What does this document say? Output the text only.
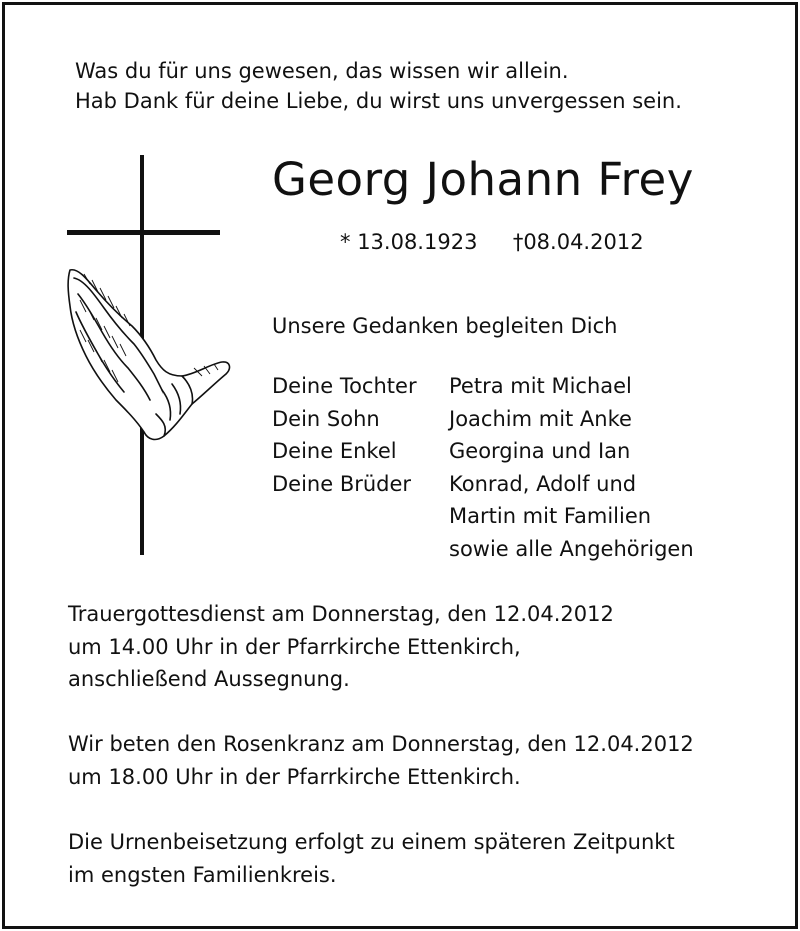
Was du für uns gewesen, das wissen wir allein.
Hab Dank für deine Liebe, du wirst uns unvergessen sein.
Georg Johann Frey
* 13.08.1923 †08.04.2012
Unsere Gedanken begleiten Dich
Deine Tochter Petra mit Michael
Dein Sohn	Joachim mit Anke
Deine Enkel Georgina und Ian
Deine Brüder Konrad, Adolf und
Martin mit Familien
sowie alle Angehörigen
Trauergottesdienst am Donnerstag, den 12.04.2012
um 14.00 Uhr in der Pfarrkirche Ettenkirch,
anschließend Aussegnung.
Wir beten den Rosenkranz am Donnerstag, den 12.04.2012
um 18.00 Uhr in der Pfarrkirche Ettenkirch.
Die Urnenbeisetzung erfolgt zu einem späteren Zeitpunkt
im engsten Familienkreis.
